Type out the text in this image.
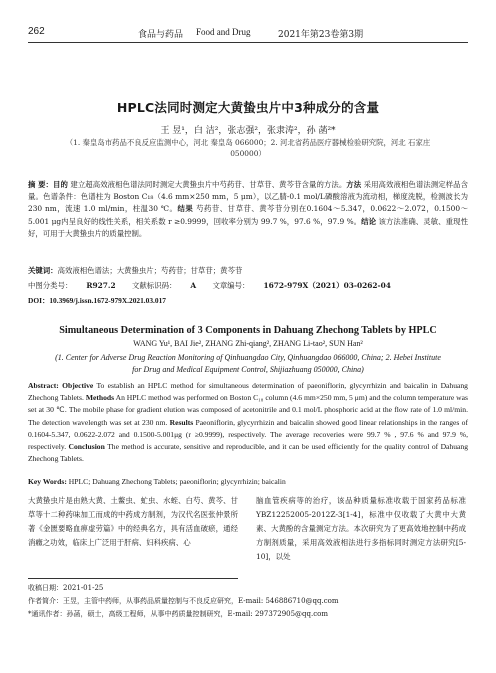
262	食品与药品 Food and Drug	2021年第23卷第3期
HPLC法同时测定大黄蛰虫片中3种成分的含量
王 昱¹，白 洁²，张志强²，张隶涛²，孙 菡²*
（1. 秦皇岛市药品不良反应监测中心，河北 秦皇岛 066000；2. 河北省药品医疗器械检验研究院，河北 石家庄 050000）
摘 要：目的 建立超高效液相色谱法同时测定大黄蛰虫片中芍药苷、甘草苷、黄芩苷含量的方法。方法 采用高效液相色谱法测定样品含量。色谱条件：色谱柱为 Boston C₁₈（4.6 mm×250 mm，5 μm），以乙腈-0.1 mol/L磷酸溶液为流动相，梯度洗脱，检测波长为230 nm，流速 1.0 ml/min，柱温30 ℃。结果 芍药苷、甘草苷、黄芩苷分别在0.1604～5.347，0.0622～2.072，0.1500～5.001 μg内呈良好的线性关系，相关系数 r ≥0.9999，回收率分别为 99.7 %，97.6 %，97.9 %。结论 该方法准确、灵敏、重现性好，可用于大黄蛰虫片的质量控制。
关键词：高效液相色谱法；大黄蛰虫片；芍药苷；甘草苷；黄芩苷
中图分类号： R927.2 文献标识码： A 文章编号： 1672-979X（2021）03-0262-04
DOI：10.3969/j.issn.1672-979X.2021.03.017
Simultaneous Determination of 3 Components in Dahuang Zhechong Tablets by HPLC
WANG Yu¹, BAI Jie², ZHANG Zhi-qiang², ZHANG Li-tao², SUN Han²
(1. Center for Adverse Drug Reaction Monitoring of Qinhuangdao City, Qinhuangdao 066000, China; 2. Hebei Institute for Drug and Medical Equipment Control, Shijiazhuang 050000, China)
Abstract: Objective To establish an HPLC method for simultaneous determination of paeoniflorin, glycyrrhizin and baicalin in Dahuang Zhechong Tablets. Methods An HPLC method was performed on Boston C₁₈ column (4.6 mm×250 mm, 5 μm) and the column temperature was set at 30 ℃. The mobile phase for gradient elution was composed of acetonitrile and 0.1 mol/L phosphoric acid at the flow rate of 1.0 ml/min. The detection wavelength was set at 230 nm. Results Paeoniflorin, glycyrrhizin and baicalin showed good linear relationships in the ranges of 0.1604-5.347, 0.0622-2.072 and 0.1500-5.001μg (r ≥0.9999), respectively. The average recoveries were 99.7 % , 97.6 % and 97.9 %, respectively. Conclusion The method is accurate, sensitive and reproducible, and it can be used efficiently for the quality control of Dahuang Zhechong Tablets.
Key Words: HPLC; Dahuang Zhechong Tablets; paeoniflorin; glycyrrhizin; baicalin
大黄蛰虫片是由熟大黄、土鳖虫、虻虫、水蛭、白芍、黄芩、甘草等十二种药味加工而成的中药成方制剂，为汉代名医张仲景所著《金匮要略血痹虚劳篇》中的经典名方，具有活血破瘀，通经消癥之功效，临床上广泛用于肝病、妇科疾病、心
脑血管疾病等的治疗，该品种质量标准收载于国家药品标准 YBZ12252005-2012Z-3[1-4]，标准中仅收载了大黄中大黄素、大黄酚的含量测定方法。本次研究为了更高效地控制中药成方制剂质量，采用高效液相法进行多指标同时测定方法研究[5-10]，以处
收稿日期：2021-01-25
作者简介：王昱，主管中药师，从事药品质量控制与不良反应研究，E-mail: 546886710@qq.com
*通讯作者：孙菡，硕士，高级工程师，从事中药质量控制研究，E-mail: 297372905@qq.com
